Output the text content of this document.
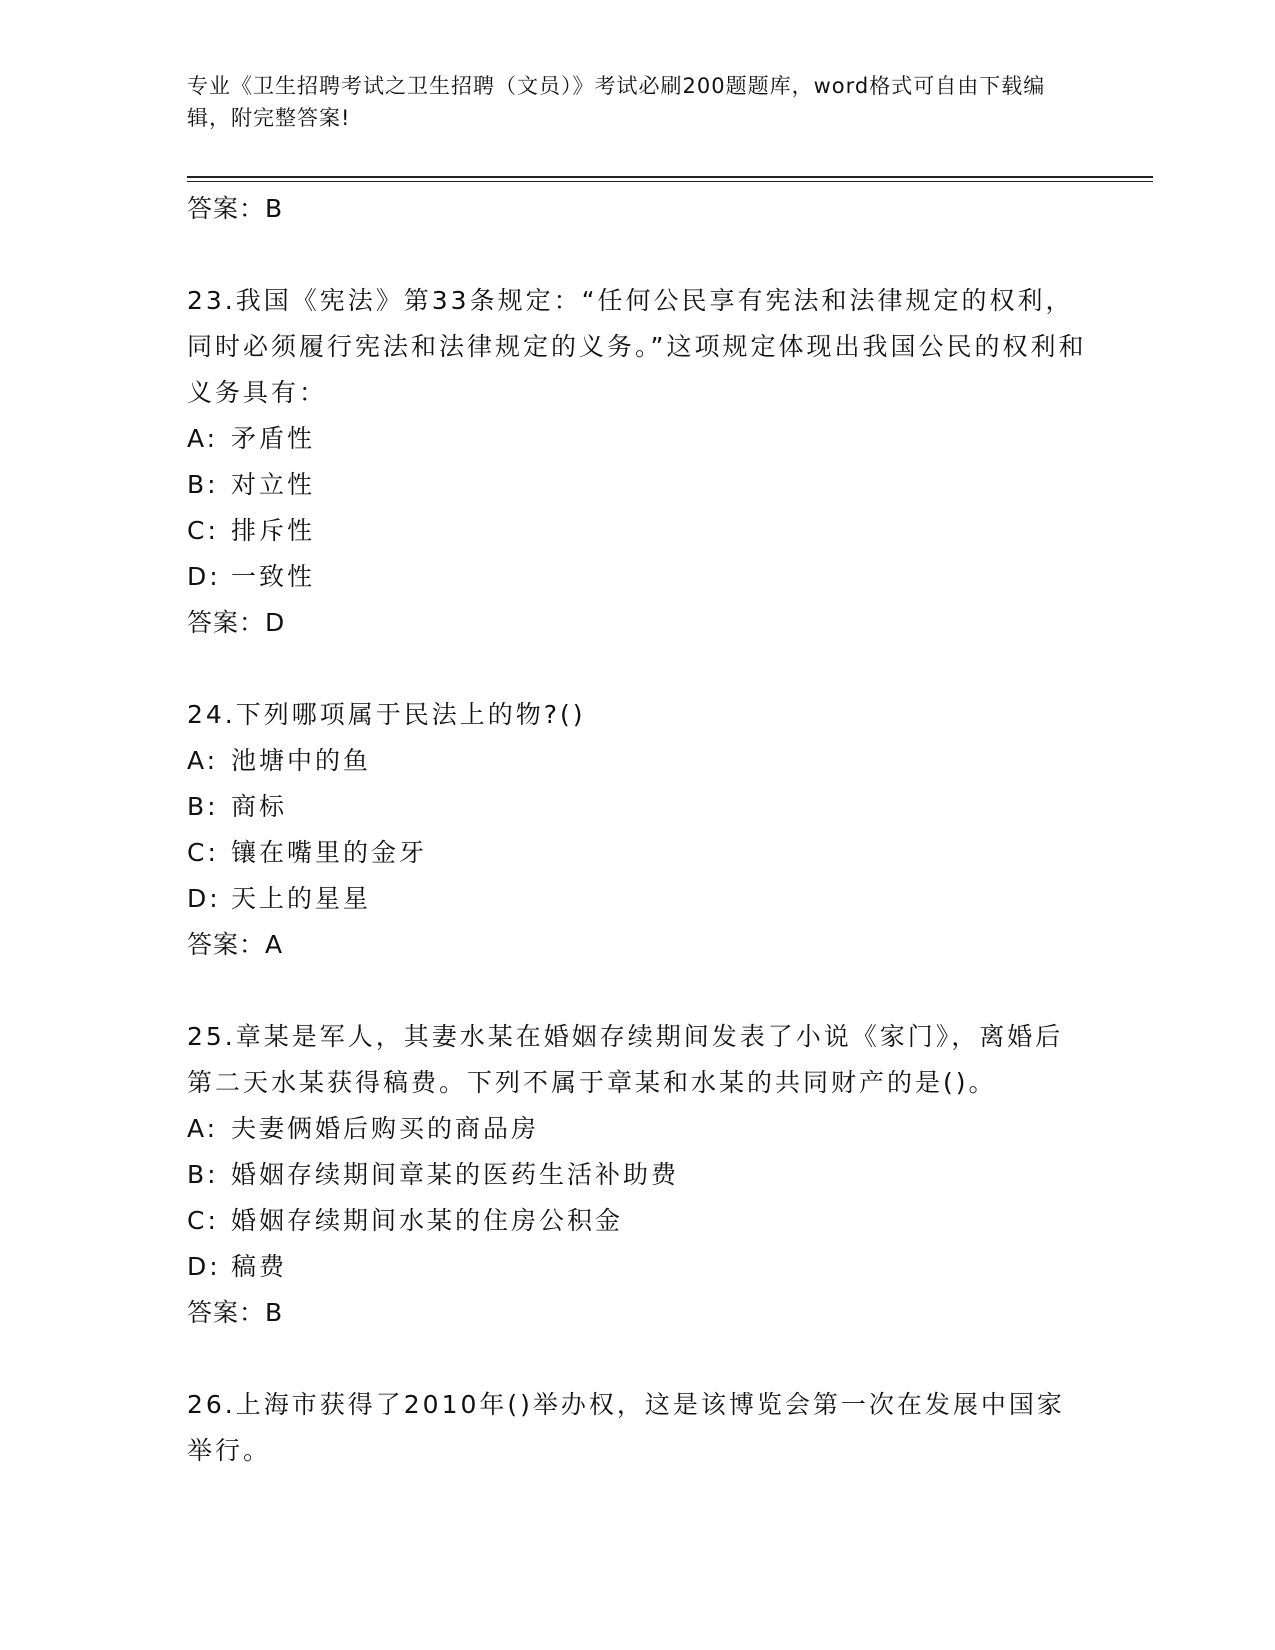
专业《卫生招聘考试之卫生招聘（文员）》考试必刷200题题库，word格式可自由下载编辑，附完整答案!
答案：B
23.我国《宪法》第33条规定：“任何公民享有宪法和法律规定的权利，同时必须履行宪法和法律规定的义务。”这项规定体现出我国公民的权利和义务具有：
A: 矛盾性
B: 对立性
C: 排斥性
D: 一致性
答案：D
24.下列哪项属于民法上的物?()
A: 池塘中的鱼
B: 商标
C: 镶在嘴里的金牙
D: 天上的星星
答案：A
25.章某是军人，其妻水某在婚姻存续期间发表了小说《家门》，离婚后第二天水某获得稿费。下列不属于章某和水某的共同财产的是()。
A: 夫妻俩婚后购买的商品房
B: 婚姻存续期间章某的医药生活补助费
C: 婚姻存续期间水某的住房公积金
D: 稿费
答案：B
26.上海市获得了2010年()举办权，这是该博览会第一次在发展中国家举行。
